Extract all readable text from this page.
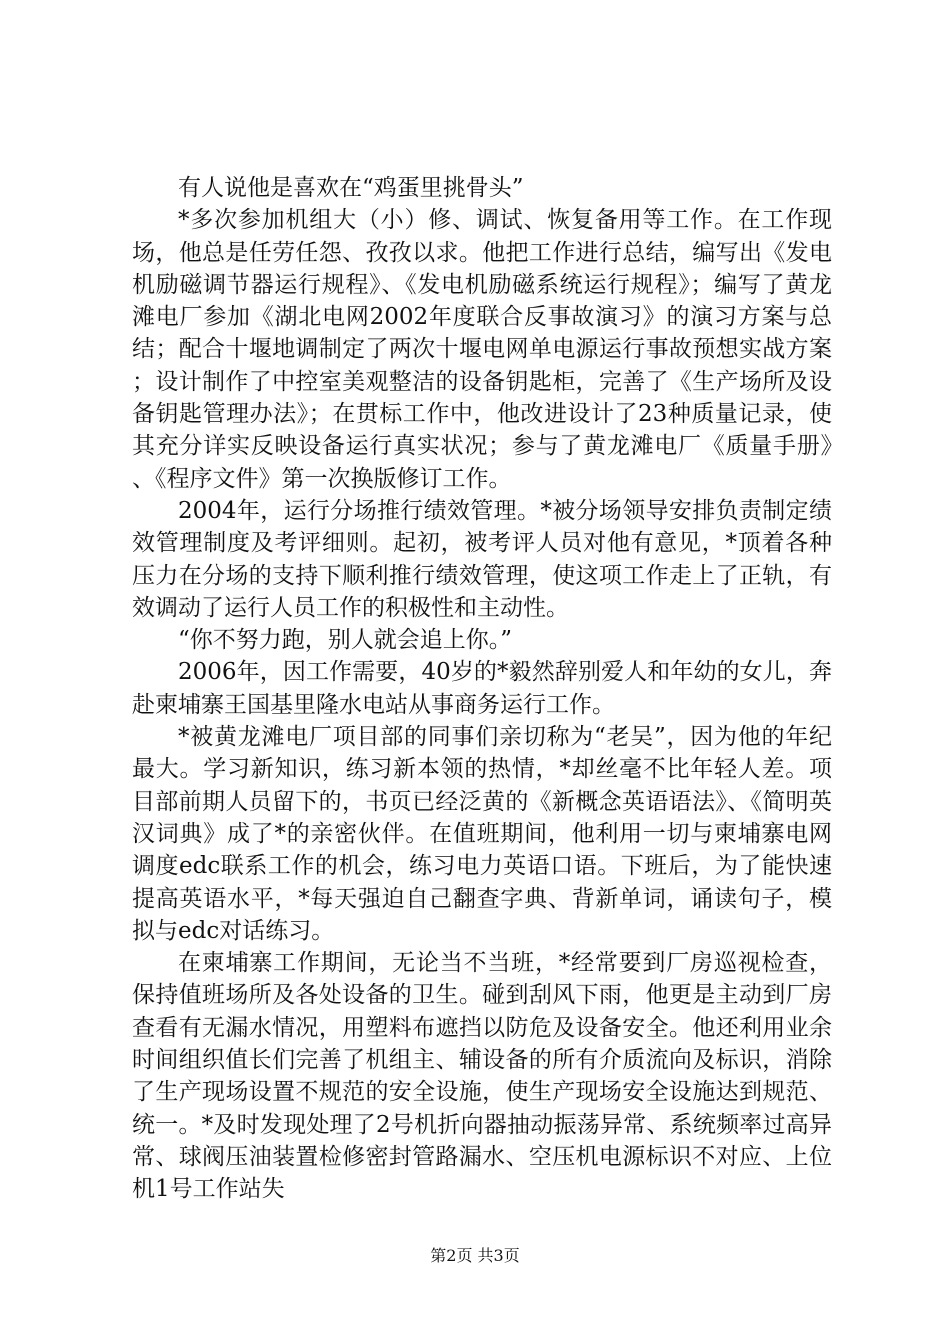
有人说他是喜欢在“鸡蛋里挑骨头”

*多次参加机组大（小）修、调试、恢复备用等工作。在工作现场，他总是任劳任怨、孜孜以求。他把工作进行总结，编写出《发电机励磁调节器运行规程》、《发电机励磁系统运行规程》；编写了黄龙滩电厂参加《湖北电网2002年度联合反事故演习》的演习方案与总结；配合十堰地调制定了两次十堰电网单电源运行事故预想实战方案；设计制作了中控室美观整洁的设备钥匙柜，完善了《生产场所及设备钥匙管理办法》；在贯标工作中，他改进设计了23种质量记录，使其充分详实反映设备运行真实状况；参与了黄龙滩电厂《质量手册》、《程序文件》第一次换版修订工作。

2004年，运行分场推行绩效管理。*被分场领导安排负责制定绩效管理制度及考评细则。起初，被考评人员对他有意见，*顶着各种压力在分场的支持下顺利推行绩效管理，使这项工作走上了正轨，有效调动了运行人员工作的积极性和主动性。

“你不努力跑，别人就会追上你。”

2006年，因工作需要，40岁的*毅然辞别爱人和年幼的女儿，奔赴柬埔寨王国基里隆水电站从事商务运行工作。

*被黄龙滩电厂项目部的同事们亲切称为“老吴”，因为他的年纪最大。学习新知识，练习新本领的热情，*却丝毫不比年轻人差。项目部前期人员留下的，书页已经泛黄的《新概念英语语法》、《简明英汉词典》成了*的亲密伙伴。在值班期间，他利用一切与柬埔寨电网调度edc联系工作的机会，练习电力英语口语。下班后，为了能快速提高英语水平，*每天强迫自己翻查字典、背新单词，诵读句子，模拟与edc对话练习。

在柬埔寨工作期间，无论当不当班，*经常要到厂房巡视检查，保持值班场所及各处设备的卫生。碰到刮风下雨，他更是主动到厂房查看有无漏水情况，用塑料布遮挡以防危及设备安全。他还利用业余时间组织值长们完善了机组主、辅设备的所有介质流向及标识，消除了生产现场设置不规范的安全设施，使生产现场安全设施达到规范、统一。*及时发现处理了2号机折向器抽动振荡异常、系统频率过高异常、球阀压油装置检修密封管路漏水、空压机电源标识不对应、上位机1号工作站失

第2页 共3页
